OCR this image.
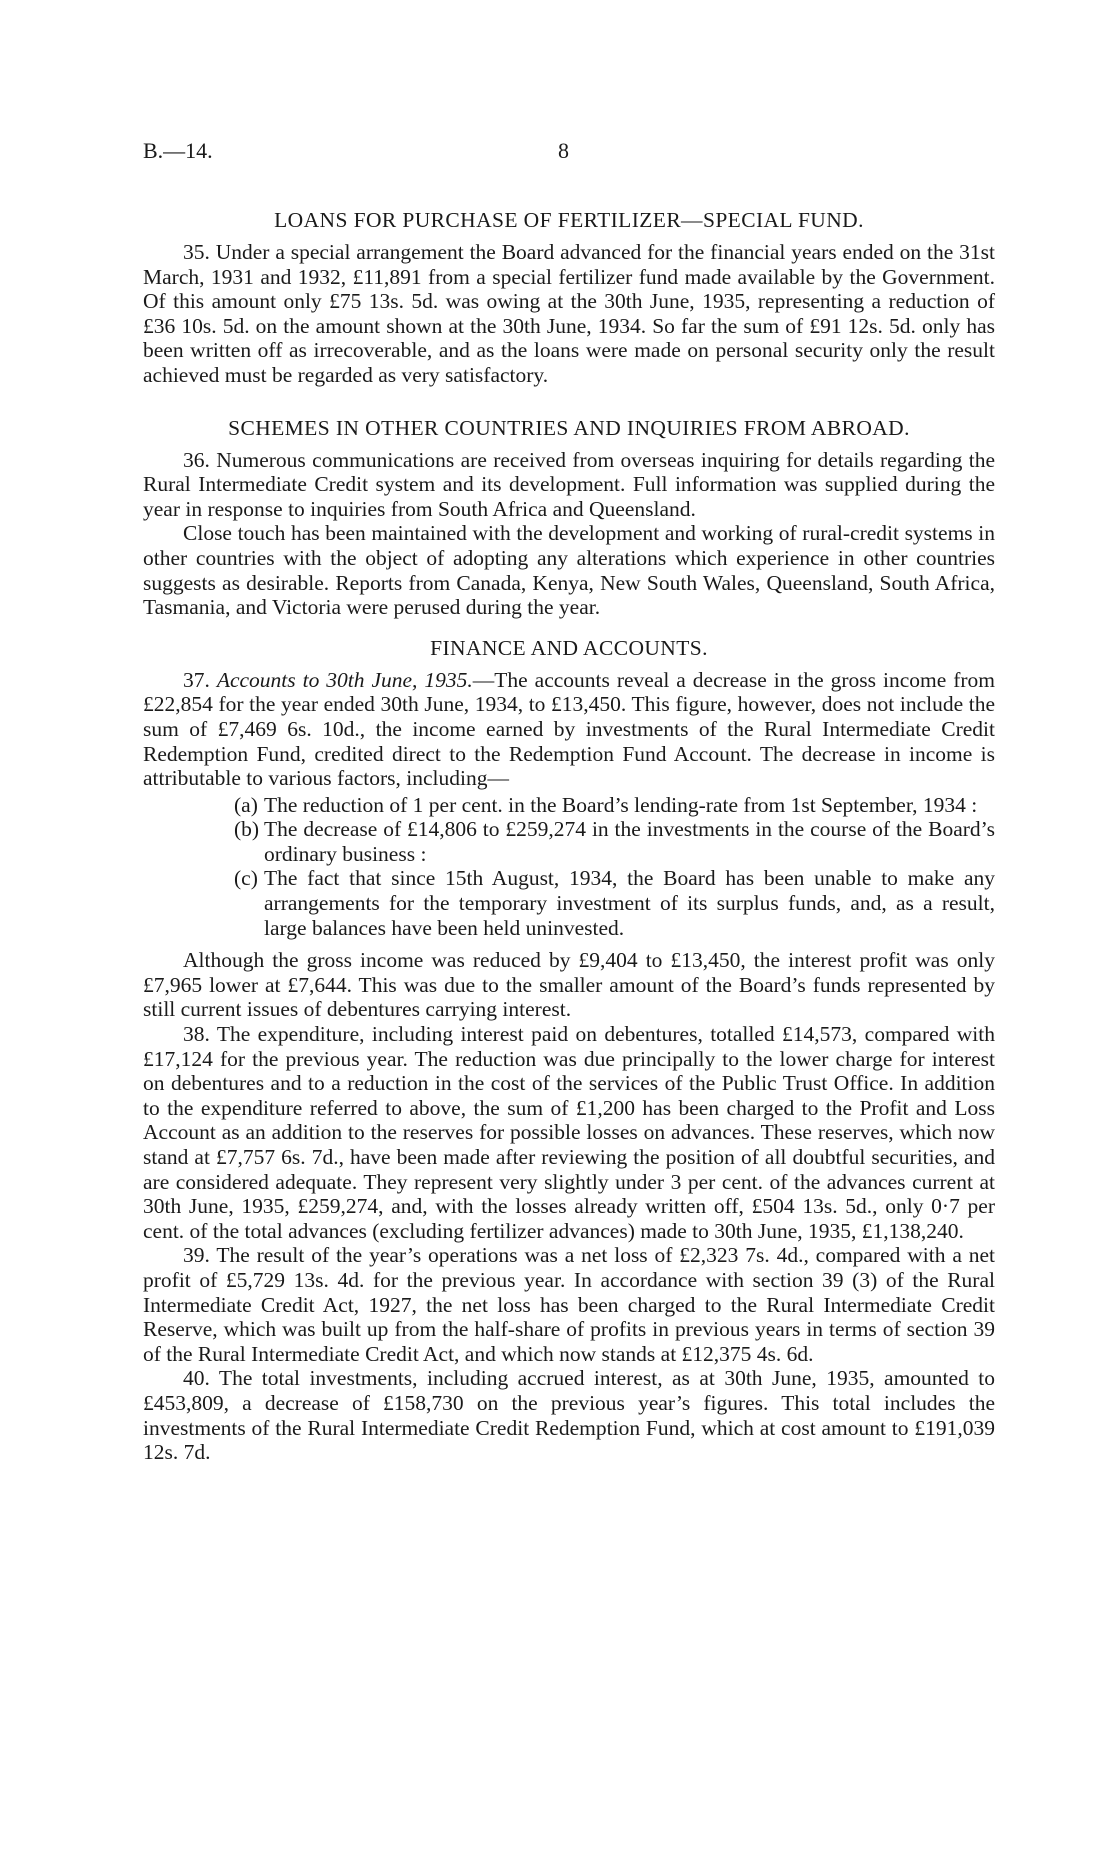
B.—14.	8
LOANS FOR PURCHASE OF FERTILIZER—SPECIAL FUND.

35. Under a special arrangement the Board advanced for the financial years ended on the 31st March, 1931 and 1932, £11,891 from a special fertilizer fund made available by the Government. Of this amount only £75 13s. 5d. was owing at the 30th June, 1935, representing a reduction of £36 10s. 5d. on the amount shown at the 30th June, 1934. So far the sum of £91 12s. 5d. only has been written off as irrecoverable, and as the loans were made on personal security only the result achieved must be regarded as very satisfactory.

SCHEMES IN OTHER COUNTRIES AND INQUIRIES FROM ABROAD.

36. Numerous communications are received from overseas inquiring for details regarding the Rural Intermediate Credit system and its development. Full information was supplied during the year in response to inquiries from South Africa and Queensland.

Close touch has been maintained with the development and working of rural-credit systems in other countries with the object of adopting any alterations which experience in other countries suggests as desirable. Reports from Canada, Kenya, New South Wales, Queensland, South Africa, Tasmania, and Victoria were perused during the year.

FINANCE AND ACCOUNTS.

37. Accounts to 30th June, 1935.—The accounts reveal a decrease in the gross income from £22,854 for the year ended 30th June, 1934, to £13,450. This figure, however, does not include the sum of £7,469 6s. 10d., the income earned by investments of the Rural Intermediate Credit Redemption Fund, credited direct to the Redemption Fund Account. The decrease in income is attributable to various factors, including—

(a) The reduction of 1 per cent. in the Board’s lending-rate from 1st September, 1934 :
(b) The decrease of £14,806 to £259,274 in the investments in the course of the Board’s ordinary business :
(c) The fact that since 15th August, 1934, the Board has been unable to make any arrangements for the temporary investment of its surplus funds, and, as a result, large balances have been held uninvested.

Although the gross income was reduced by £9,404 to £13,450, the interest profit was only £7,965 lower at £7,644. This was due to the smaller amount of the Board’s funds represented by still current issues of debentures carrying interest.

38. The expenditure, including interest paid on debentures, totalled £14,573, compared with £17,124 for the previous year. The reduction was due principally to the lower charge for interest on debentures and to a reduction in the cost of the services of the Public Trust Office. In addition to the expenditure referred to above, the sum of £1,200 has been charged to the Profit and Loss Account as an addition to the reserves for possible losses on advances. These reserves, which now stand at £7,757 6s. 7d., have been made after reviewing the position of all doubtful securities, and are considered adequate. They represent very slightly under 3 per cent. of the advances current at 30th June, 1935, £259,274, and, with the losses already written off, £504 13s. 5d., only 0·7 per cent. of the total advances (excluding fertilizer advances) made to 30th June, 1935, £1,138,240.

39. The result of the year’s operations was a net loss of £2,323 7s. 4d., compared with a net profit of £5,729 13s. 4d. for the previous year. In accordance with section 39 (3) of the Rural Intermediate Credit Act, 1927, the net loss has been charged to the Rural Intermediate Credit Reserve, which was built up from the half-share of profits in previous years in terms of section 39 of the Rural Intermediate Credit Act, and which now stands at £12,375 4s. 6d.

40. The total investments, including accrued interest, as at 30th June, 1935, amounted to £453,809, a decrease of £158,730 on the previous year’s figures. This total includes the investments of the Rural Intermediate Credit Redemption Fund, which at cost amount to £191,039 12s. 7d.
